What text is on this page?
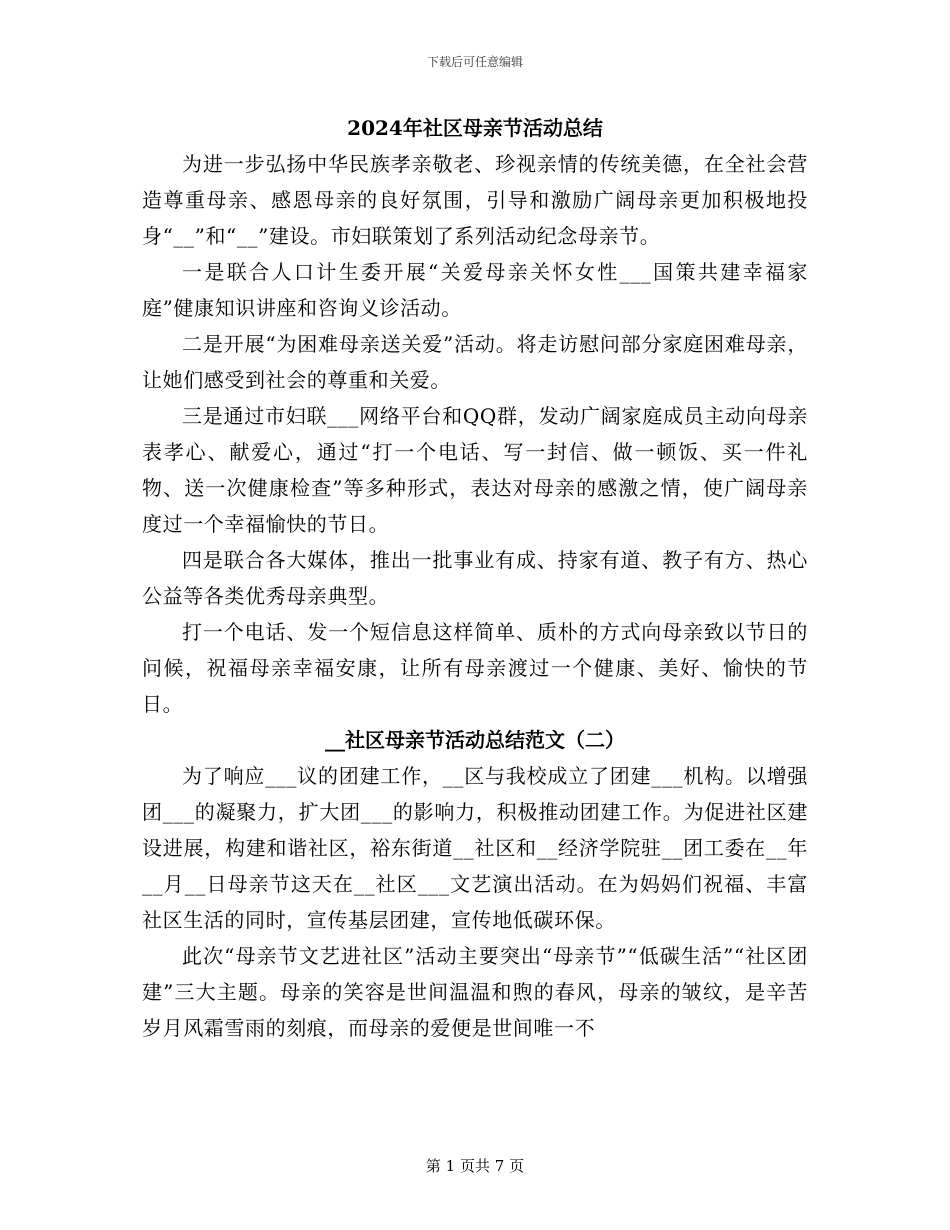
下载后可任意编辑
2024年社区母亲节活动总结

为进一步弘扬中华民族孝亲敬老、珍视亲情的传统美德，在全社会营造尊重母亲、感恩母亲的良好氛围，引导和激励广阔母亲更加积极地投身“__”和“__”建设。市妇联策划了系列活动纪念母亲节。

一是联合人口计生委开展“关爱母亲关怀女性___国策共建幸福家庭”健康知识讲座和咨询义诊活动。

二是开展“为困难母亲送关爱”活动。将走访慰问部分家庭困难母亲，让她们感受到社会的尊重和关爱。

三是通过市妇联___网络平台和QQ群，发动广阔家庭成员主动向母亲表孝心、献爱心，通过“打一个电话、写一封信、做一顿饭、买一件礼物、送一次健康检查”等多种形式，表达对母亲的感激之情，使广阔母亲度过一个幸福愉快的节日。

四是联合各大媒体，推出一批事业有成、持家有道、教子有方、热心公益等各类优秀母亲典型。

打一个电话、发一个短信息这样简单、质朴的方式向母亲致以节日的问候，祝福母亲幸福安康，让所有母亲渡过一个健康、美好、愉快的节日。

__社区母亲节活动总结范文（二）

为了响应___议的团建工作，__区与我校成立了团建___机构。以增强团___的凝聚力，扩大团___的影响力，积极推动团建工作。为促进社区建设进展，构建和谐社区，裕东街道__社区和__经济学院驻__团工委在__年__月__日母亲节这天在__社区___文艺演出活动。在为妈妈们祝福、丰富社区生活的同时，宣传基层团建，宣传地低碳环保。

此次“母亲节文艺进社区”活动主要突出“母亲节”“低碳生活”“社区团建”三大主题。母亲的笑容是世间温温和煦的春风，母亲的皱纹，是辛苦岁月风霜雪雨的刻痕，而母亲的爱便是世间唯一不

第 1 页共 7 页
